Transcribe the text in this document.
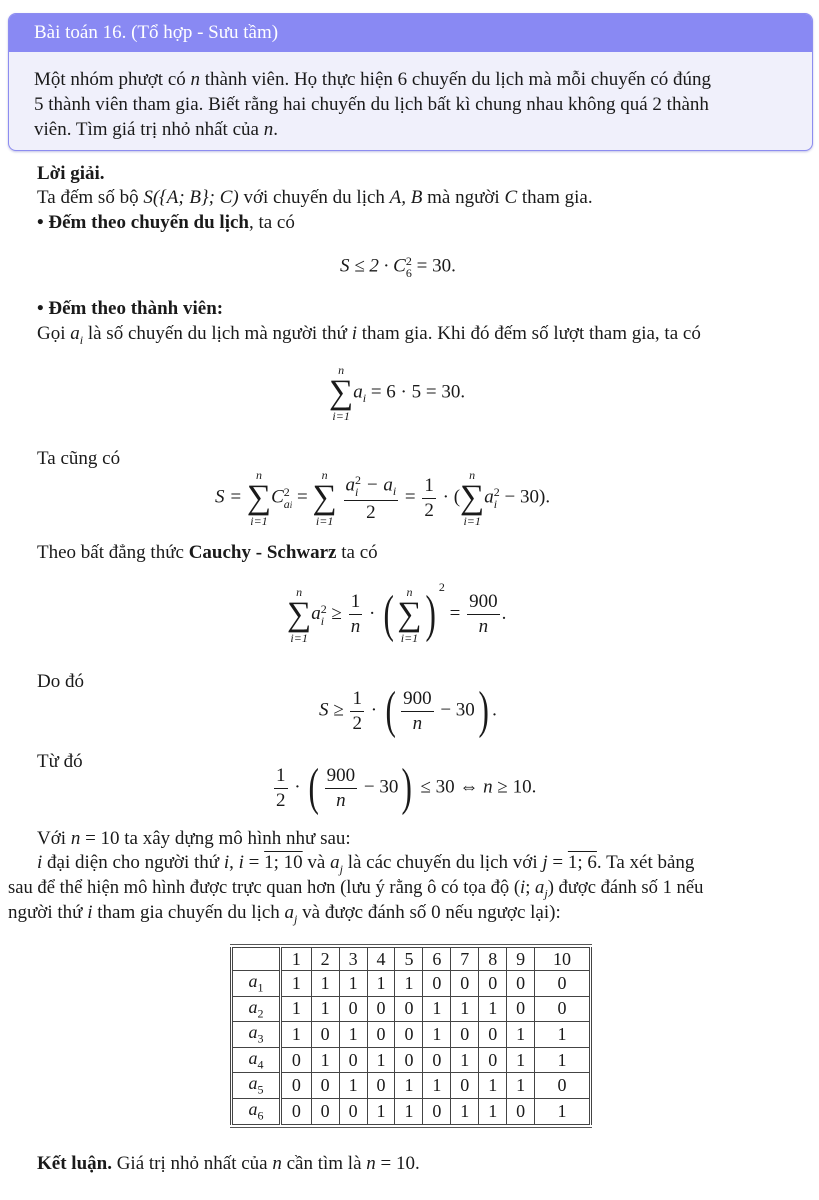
Bài toán 16. (Tổ hợp - Sưu tầm)
Một nhóm phượt có n thành viên. Họ thực hiện 6 chuyến du lịch mà mỗi chuyến có đúng
5 thành viên tham gia. Biết rằng hai chuyến du lịch bất kì chung nhau không quá 2 thành
viên. Tìm giá trị nhỏ nhất của n.
Lời giải.
Ta đếm số bộ S({A; B}; C) với chuyến du lịch A, B mà người C tham gia.
• Đếm theo chuyến du lịch, ta có
S ≤ 2 · C 2
6 = 30.
• Đếm theo thành viên:
Gọi $a_i$ là số chuyến du lịch mà người thứ i tham gia. Khi đó đếm số lượt tham gia, ta có
n
∑
i=1
$a_i = 6 \cdot 5 = 30$.
Ta cũng có
S =
n
∑
i=1
C 2
ai =
n
∑
i=1
a 2
$i - a_i$
$2 = \frac{1}{2}$ · (
n
∑
i=1
a 2
i − 30).
Theo bất đẳng thức Cauchy - Schwarz ta có
n
∑
i=1
a 2
$i \ge \frac{1}{n}$ · ( n
∑
i=1 ) $^2 = \frac{900}{n}$ .
Do đó
$S \ge \frac{1}{2}$ · ( $\frac{900}{n} - 30$) .
Từ đó
$\frac{1}{2}$ · ( $\frac{900}{n} - 30) \le 30$ ⇔ n ≥ 10.
Với n = 10 ta xây dựng mô hình như sau:
i đại diện cho người thứ i, i = 1; 10 và $a_j$ là các chuyến du lịch với j = 1; 6. Ta xét bảng
sau để thể hiện mô hình được trực quan hơn (lưu ý rằng ô có tọa độ (i; $a_j$) được đánh số 1 nếu
người thứ i tham gia chuyến du lịch $a_j$ và được đánh số 0 nếu ngược lại):
	1	2	3	4	5	6	7	8	9	10
$a_1$	1	1	1	1	1	0	0	0	0	0
$a_2$	1	1	0	0	0	1	1	1	0	0
$a_3$	1	0	1	0	0	1	0	0	1	1
$a_4$	0	1	0	1	0	0	1	0	1	1
$a_5$	0	0	1	0	1	1	0	1	1	0
$a_6$	0	0	0	1	1	0	1	1	0	1
Kết luận. Giá trị nhỏ nhất của n cần tìm là n = 10.
